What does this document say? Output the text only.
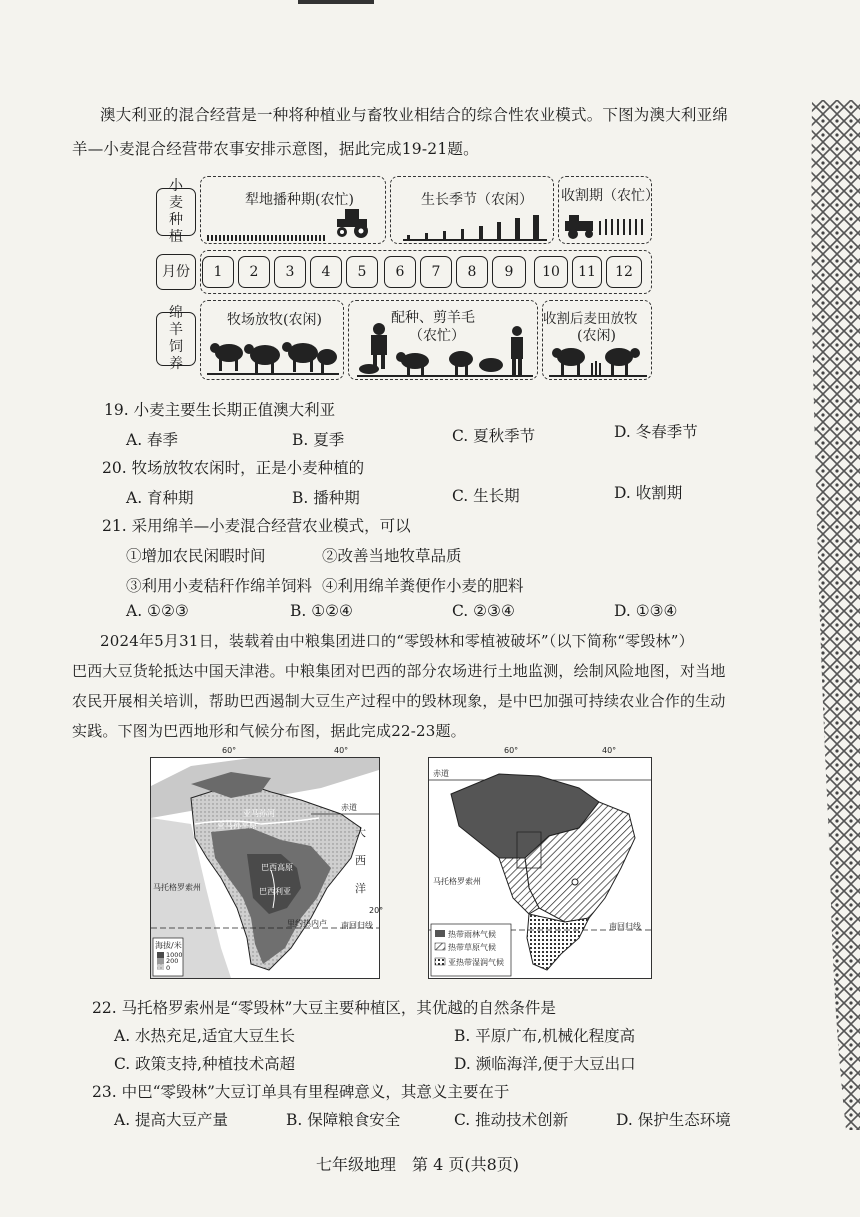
澳大利亚的混合经营是一种将种植业与畜牧业相结合的综合性农业模式。下图为澳大利亚绵
羊—小麦混合经营带农事安排示意图，据此完成19-21题。
小麦种植
月份
绵羊饲养
犁地播种期(农忙)	生长季节（农闲） 收割期（农忙）
牧场放牧(农闲)	配种、剪羊毛
（农忙）
收割后麦田放牧
(农闲)
1	2	3	4	5	6	7	8	9	10	11	12
19. 小麦主要生长期正值澳大利亚
A. 春季	B. 夏季	C. 夏秋季节	D. 冬春季节
20. 牧场放牧农闲时，正是小麦种植的
A. 育种期	B. 播种期	C. 生长期	D. 收割期
21. 采用绵羊—小麦混合经营农业模式，可以
①增加农民闲暇时间	②改善当地牧草品质
③利用小麦秸秆作绵羊饲料 ④利用绵羊粪便作小麦的肥料
A. ①②③	B. ①②④	C. ②③④	D. ①③④
2024年5月31日，装载着由中粮集团进口的“零毁林和零植被破坏”（以下简称“零毁林”）
巴西大豆货轮抵达中国天津港。中粮集团对巴西的部分农场进行土地监测，绘制风险地图，对当地
农民开展相关培训，帮助巴西遏制大豆生产过程中的毁林现象，是中巴加强可持续农业合作的生动
实践。下图为巴西地形和气候分布图，据此完成22-23题。
60°	40°
赤道
亚马孙河
亚马孙平原
大
西
洋
巴西高原
马托格罗索州	巴西利亚
里约热内卢 南回归线
20°
海拔/米
1000
200
0
60°	40°
赤道
马托格罗索州
南回归线
热带雨林气候
热带草原气候
亚热带湿润气候
22. 马托格罗索州是“零毁林”大豆主要种植区，其优越的自然条件是
A. 水热充足,适宜大豆生长	B. 平原广布,机械化程度高
C. 政策支持,种植技术高超	D. 濒临海洋,便于大豆出口
23. 中巴“零毁林”大豆订单具有里程碑意义，其意义主要在于
A. 提高大豆产量	B. 保障粮食安全	C. 推动技术创新	D. 保护生态环境
七年级地理　第 4 页(共8页)
